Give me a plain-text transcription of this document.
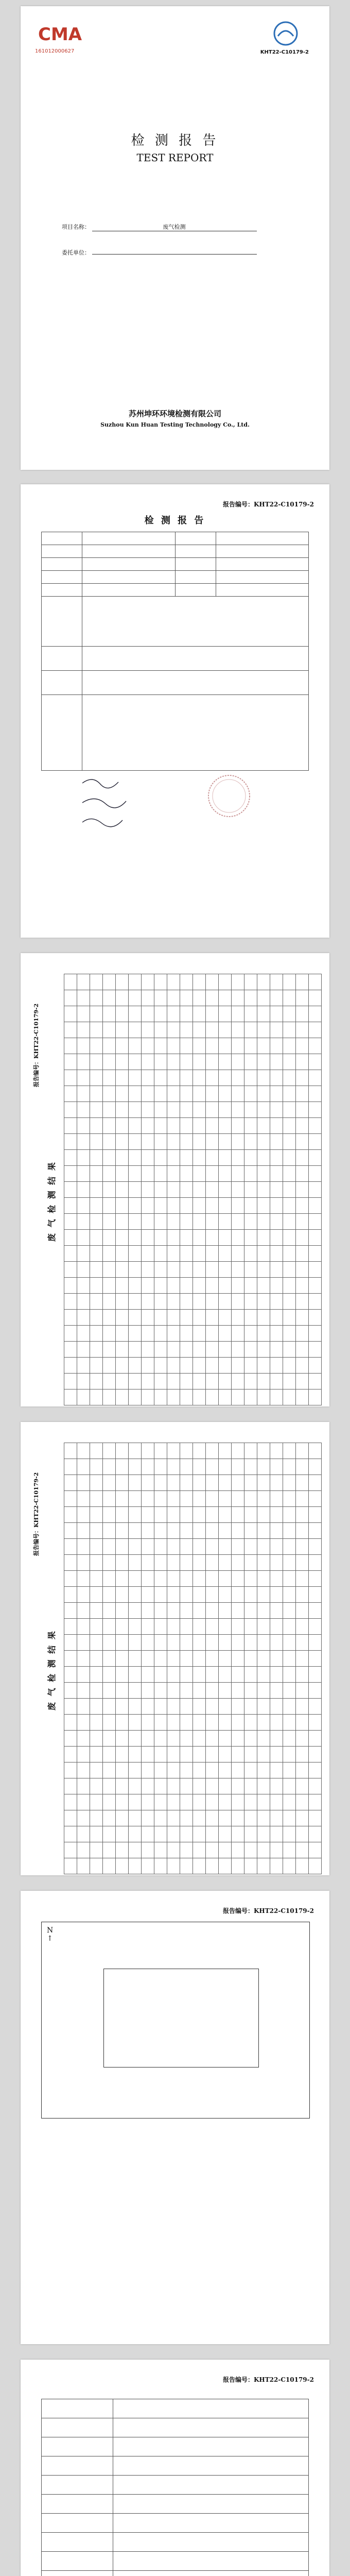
CMA
161012000627	KHT22-C10179-2
检 测 报 告
TEST REPORT
项目名称：	废气检测
委托单位：
苏州坤环环境检测有限公司
Suzhou Kun Huan Testing Technology Co., Ltd.
报告编号：KHT22-C10179-2
检 测 报 告

报告编号：KHT22-C10179-2
废 气 检 测 结 果

报告编号：KHT22-C10179-2
废 气 检 测 结 果

报告编号：KHT22-C10179-2
N
↑
报告编号：KHT22-C10179-2
